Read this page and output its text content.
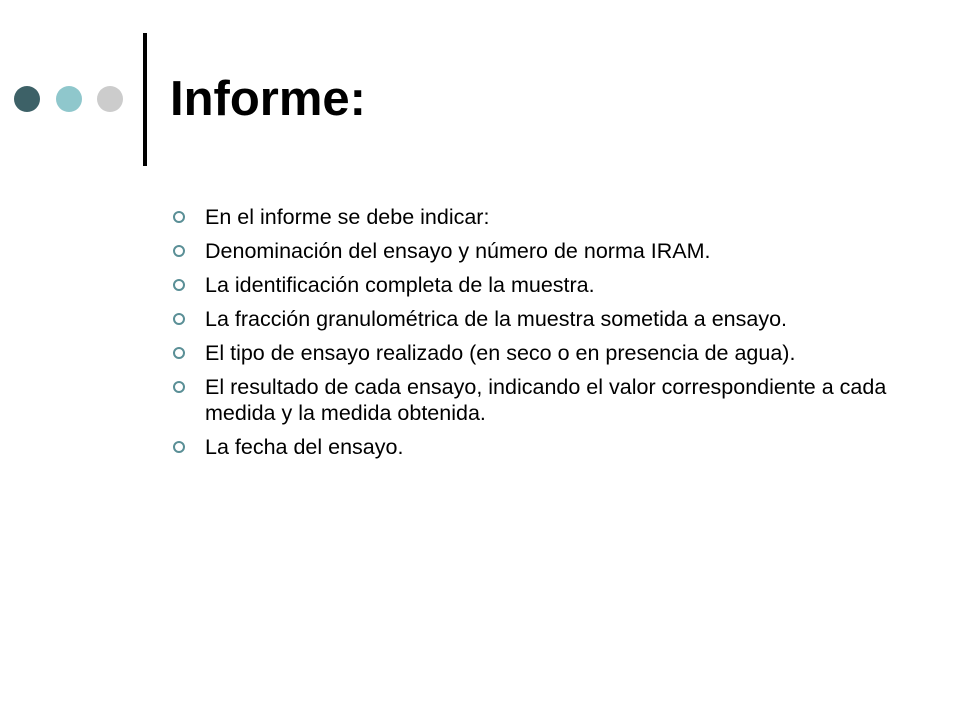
Informe:
En el informe se debe indicar:
Denominación del ensayo y número de norma IRAM.
La identificación completa de la muestra.
La fracción granulométrica de la muestra sometida a ensayo.
El tipo de ensayo realizado (en seco o en presencia de agua).
El resultado de cada ensayo, indicando el valor correspondiente a cada medida y la medida obtenida.
La fecha del ensayo.
